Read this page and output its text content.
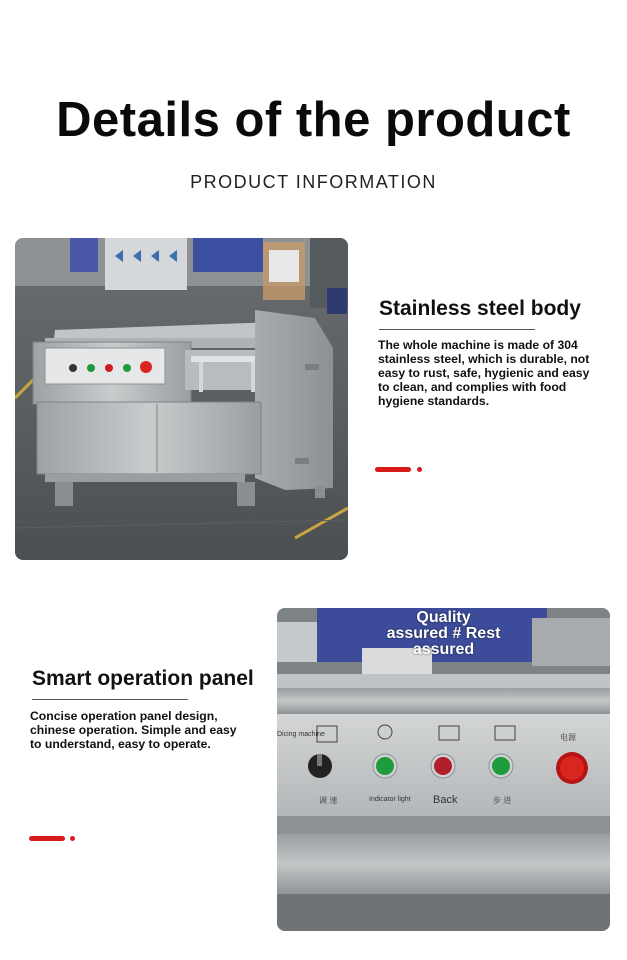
Details of the product
PRODUCT INFORMATION
Stainless steel body
The whole machine is made of 304
stainless steel, which is durable, not
easy to rust, safe, hygienic and easy
to clean, and complies with food
hygiene standards.
Smart operation panel
Concise operation panel design,
chinese operation. Simple and easy
to understand, easy to operate.
Quality
assured # Rest
assured
Dicing machine
调 速	Indicator light Back	步 进
电源
